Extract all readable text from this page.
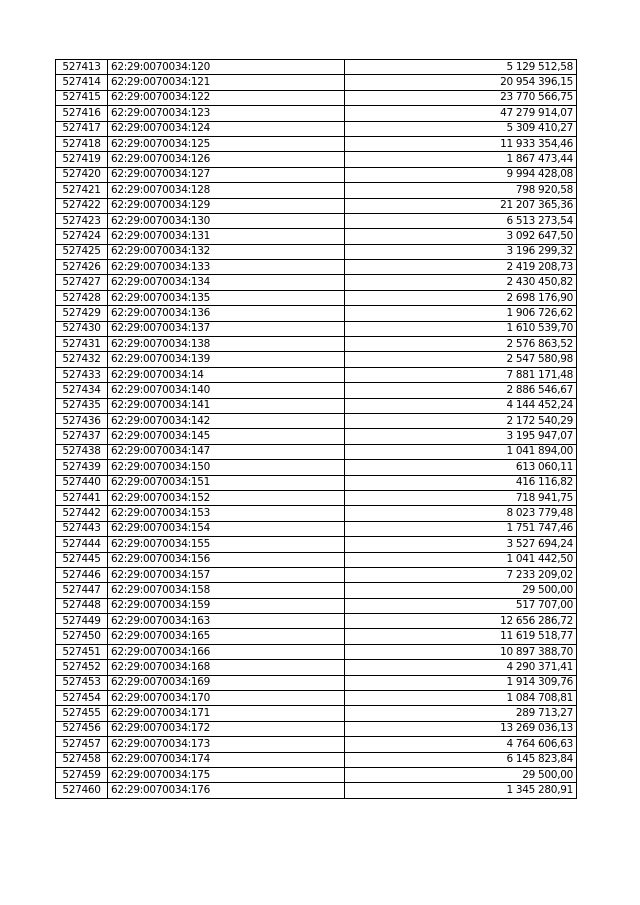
527413	62:29:0070034:120	5 129 512,58
527414	62:29:0070034:121	20 954 396,15
527415	62:29:0070034:122	23 770 566,75
527416	62:29:0070034:123	47 279 914,07
527417	62:29:0070034:124	5 309 410,27
527418	62:29:0070034:125	11 933 354,46
527419	62:29:0070034:126	1 867 473,44
527420	62:29:0070034:127	9 994 428,08
527421	62:29:0070034:128	798 920,58
527422	62:29:0070034:129	21 207 365,36
527423	62:29:0070034:130	6 513 273,54
527424	62:29:0070034:131	3 092 647,50
527425	62:29:0070034:132	3 196 299,32
527426	62:29:0070034:133	2 419 208,73
527427	62:29:0070034:134	2 430 450,82
527428	62:29:0070034:135	2 698 176,90
527429	62:29:0070034:136	1 906 726,62
527430	62:29:0070034:137	1 610 539,70
527431	62:29:0070034:138	2 576 863,52
527432	62:29:0070034:139	2 547 580,98
527433	62:29:0070034:14	7 881 171,48
527434	62:29:0070034:140	2 886 546,67
527435	62:29:0070034:141	4 144 452,24
527436	62:29:0070034:142	2 172 540,29
527437	62:29:0070034:145	3 195 947,07
527438	62:29:0070034:147	1 041 894,00
527439	62:29:0070034:150	613 060,11
527440	62:29:0070034:151	416 116,82
527441	62:29:0070034:152	718 941,75
527442	62:29:0070034:153	8 023 779,48
527443	62:29:0070034:154	1 751 747,46
527444	62:29:0070034:155	3 527 694,24
527445	62:29:0070034:156	1 041 442,50
527446	62:29:0070034:157	7 233 209,02
527447	62:29:0070034:158	29 500,00
527448	62:29:0070034:159	517 707,00
527449	62:29:0070034:163	12 656 286,72
527450	62:29:0070034:165	11 619 518,77
527451	62:29:0070034:166	10 897 388,70
527452	62:29:0070034:168	4 290 371,41
527453	62:29:0070034:169	1 914 309,76
527454	62:29:0070034:170	1 084 708,81
527455	62:29:0070034:171	289 713,27
527456	62:29:0070034:172	13 269 036,13
527457	62:29:0070034:173	4 764 606,63
527458	62:29:0070034:174	6 145 823,84
527459	62:29:0070034:175	29 500,00
527460	62:29:0070034:176	1 345 280,91
